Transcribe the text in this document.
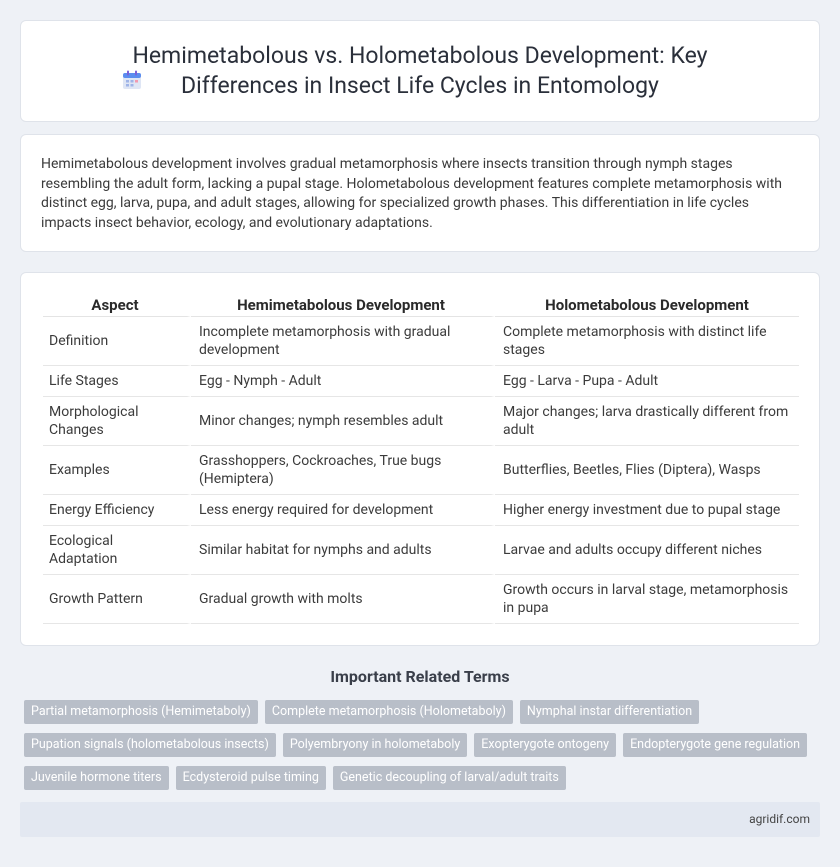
Hemimetabolous vs. Holometabolous Development: Key Differences in Insect Life Cycles in Entomology

Hemimetabolous development involves gradual metamorphosis where insects transition through nymph stages resembling the adult form, lacking a pupal stage. Holometabolous development features complete metamorphosis with distinct egg, larva, pupa, and adult stages, allowing for specialized growth phases. This differentiation in life cycles impacts insect behavior, ecology, and evolutionary adaptations.

Aspect	Hemimetabolous Development	Holometabolous Development
Definition	Incomplete metamorphosis with gradual development	Complete metamorphosis with distinct life stages
Life Stages	Egg - Nymph - Adult	Egg - Larva - Pupa - Adult
Morphological Changes	Minor changes; nymph resembles adult	Major changes; larva drastically different from adult
Examples	Grasshoppers, Cockroaches, True bugs (Hemiptera)	Butterflies, Beetles, Flies (Diptera), Wasps
Energy Efficiency	Less energy required for development	Higher energy investment due to pupal stage
Ecological Adaptation	Similar habitat for nymphs and adults	Larvae and adults occupy different niches
Growth Pattern	Gradual growth with molts	Growth occurs in larval stage, metamorphosis in pupa
Important Related Terms
Partial metamorphosis (Hemimetaboly)	Complete metamorphosis (Holometaboly)	Nymphal instar differentiation
Pupation signals (holometabolous insects)	Polyembryony in holometaboly	Exopterygote ontogeny	Endopterygote gene regulation
Juvenile hormone titers	Ecdysteroid pulse timing	Genetic decoupling of larval/adult traits
agridif.com
